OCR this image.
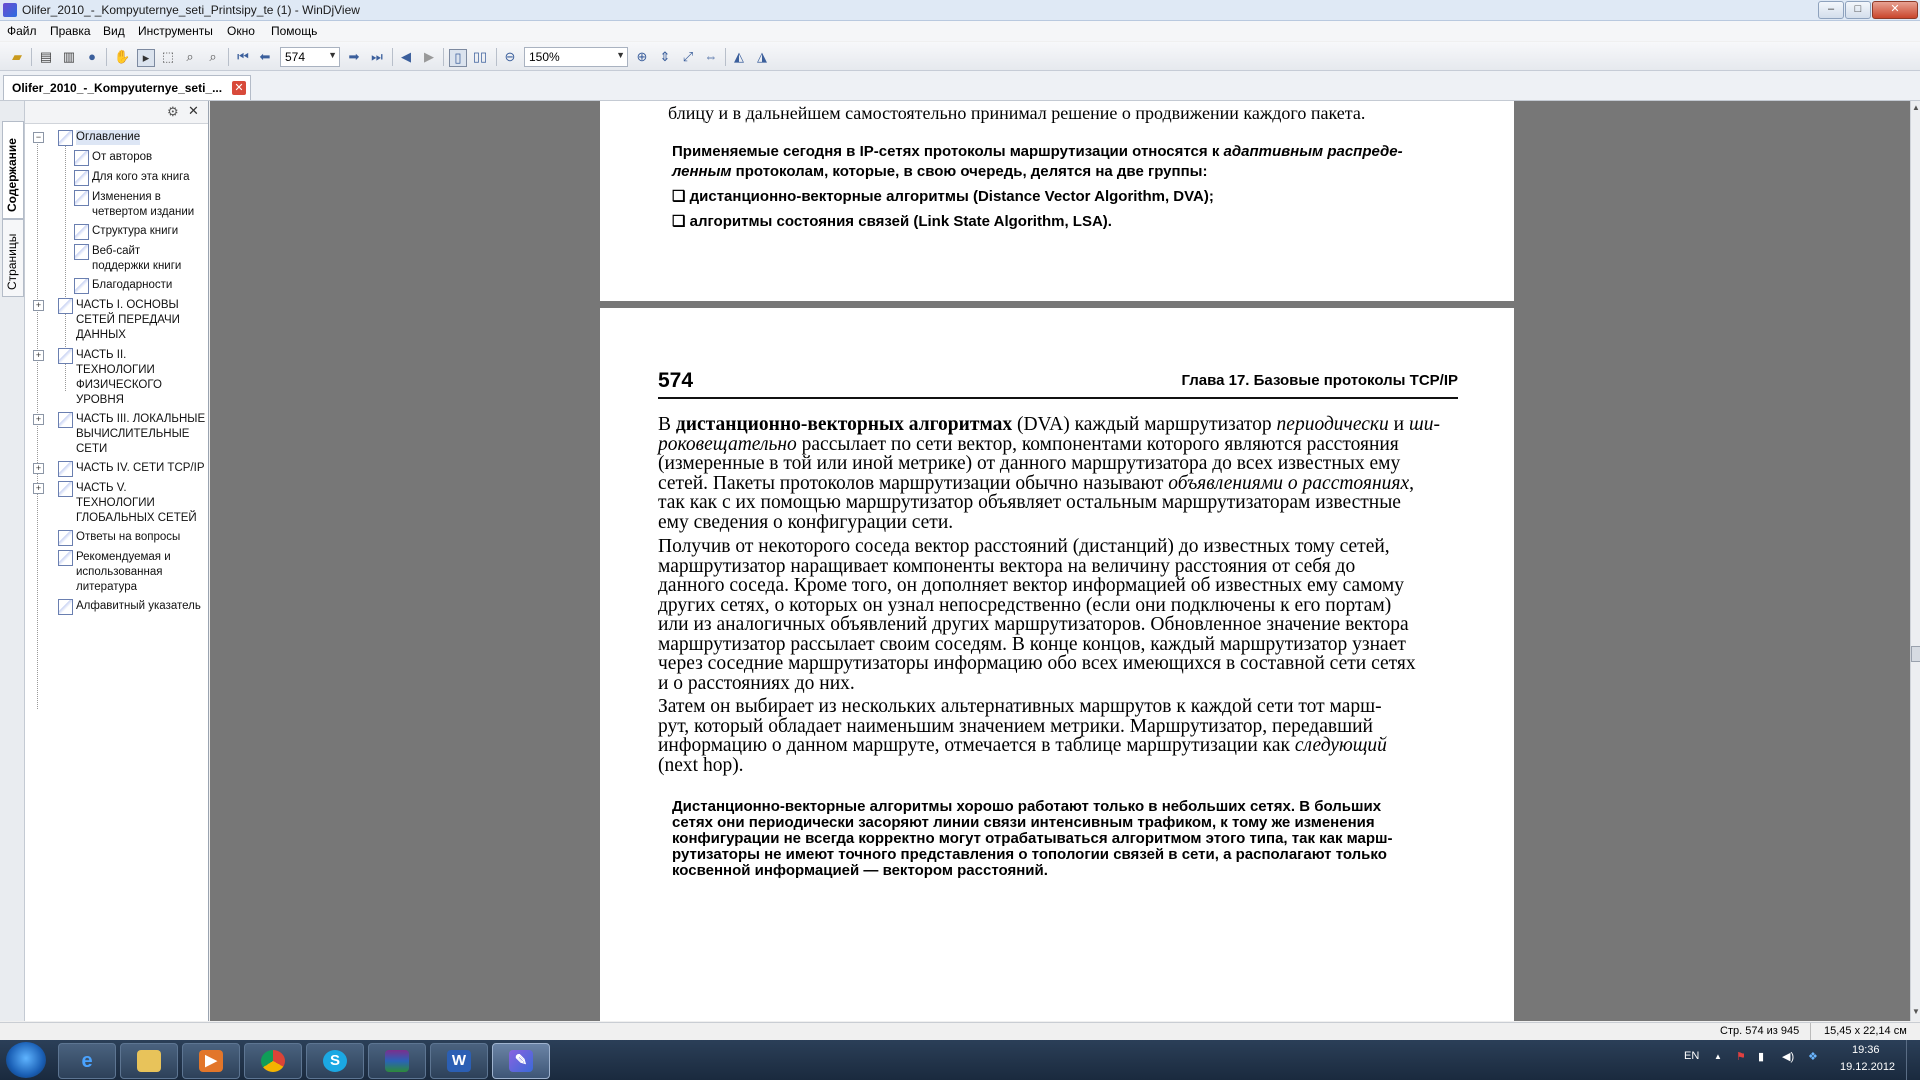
Olifer_2010_-_Kompyuternye_seti_Printsipy_te (1) - WinDjView	–	□	✕
Файл Правка Вид Инструменты Окно Помощь
▰ ▤ ▥ ●	✋ ▸ ⬚ ⌕	⌕	⏮ ⬅ 574	▼ ➡ ⏭ ◀ ▶	▯ ▯▯ ⊖ 150%	▼ ⊕ ⇕ ⤢ ⇔ ◭ ◮
Olifer_2010_-_Kompyuternye_seti_... ✕
Содержание
Страницы
⚙ ✕
−	Оглавление
От авторов
Для кого эта книга
Изменения в
четвертом издании
Структура книги
Веб-сайт
поддержки книги
Благодарности
+	ЧАСТЬ I. ОСНОВЫ
СЕТЕЙ ПЕРЕДАЧИ
ДАННЫХ
+	ЧАСТЬ II.
ТЕХНОЛОГИИ
ФИЗИЧЕСКОГО
УРОВНЯ
+	ЧАСТЬ III. ЛОКАЛЬНЫЕ
ВЫЧИСЛИТЕЛЬНЫЕ
СЕТИ
+	ЧАСТЬ IV. СЕТИ TCP/IP
+	ЧАСТЬ V.
ТЕХНОЛОГИИ
ГЛОБАЛЬНЫХ СЕТЕЙ
Ответы на вопросы
Рекомендуемая и
использованная
литература
Алфавитный указатель
блицу и в дальнейшем самостоятельно принимал решение о продвижении каждого пакета.
Применяемые сегодня в IP-сетях протоколы маршрутизации относятся к адаптивным распреде-
ленным протоколам, которые, в свою очередь, делятся на две группы:
❑ дистанционно-векторные алгоритмы (Distance Vector Algorithm, DVA);
❑ алгоритмы состояния связей (Link State Algorithm, LSA).
574	Глава 17. Базовые протоколы TCP/IP
В дистанционно-векторных алгоритмах (DVA) каждый маршрутизатор периодически и ши-
роковещательно рассылает по сети вектор, компонентами которого являются расстояния
(измеренные в той или иной метрике) от данного маршрутизатора до всех известных ему
сетей. Пакеты протоколов маршрутизации обычно называют объявлениями о расстояниях,
так как с их помощью маршрутизатор объявляет остальным маршрутизаторам известные
ему сведения о конфигурации сети.
Получив от некоторого соседа вектор расстояний (дистанций) до известных тому сетей,
маршрутизатор наращивает компоненты вектора на величину расстояния от себя до
данного соседа. Кроме того, он дополняет вектор информацией об известных ему самому
других сетях, о которых он узнал непосредственно (если они подключены к его портам)
или из аналогичных объявлений других маршрутизаторов. Обновленное значение вектора
маршрутизатор рассылает своим соседям. В конце концов, каждый маршрутизатор узнает
через соседние маршрутизаторы информацию обо всех имеющихся в составной сети сетях
и о расстояниях до них.
Затем он выбирает из нескольких альтернативных маршрутов к каждой сети тот марш-
рут, который обладает наименьшим значением метрики. Маршрутизатор, передавший
информацию о данном маршруте, отмечается в таблице маршрутизации как следующий
(next hop).
Дистанционно-векторные алгоритмы хорошо работают только в небольших сетях. В больших
сетях они периодически засоряют линии связи интенсивным трафиком, к тому же изменения
конфигурации не всегда корректно могут отрабатываться алгоритмом этого типа, так как марш-
рутизаторы не имеют точного представления о топологии связей в сети, а располагают только
косвенной информацией — вектором расстояний.
▲
▼
Стр. 574 из 945 15,45 x 22,14 см
e	▶	S	W	✎	EN ▲ ⚑ ▮ ◀) ❖
19:36
19.12.2012
